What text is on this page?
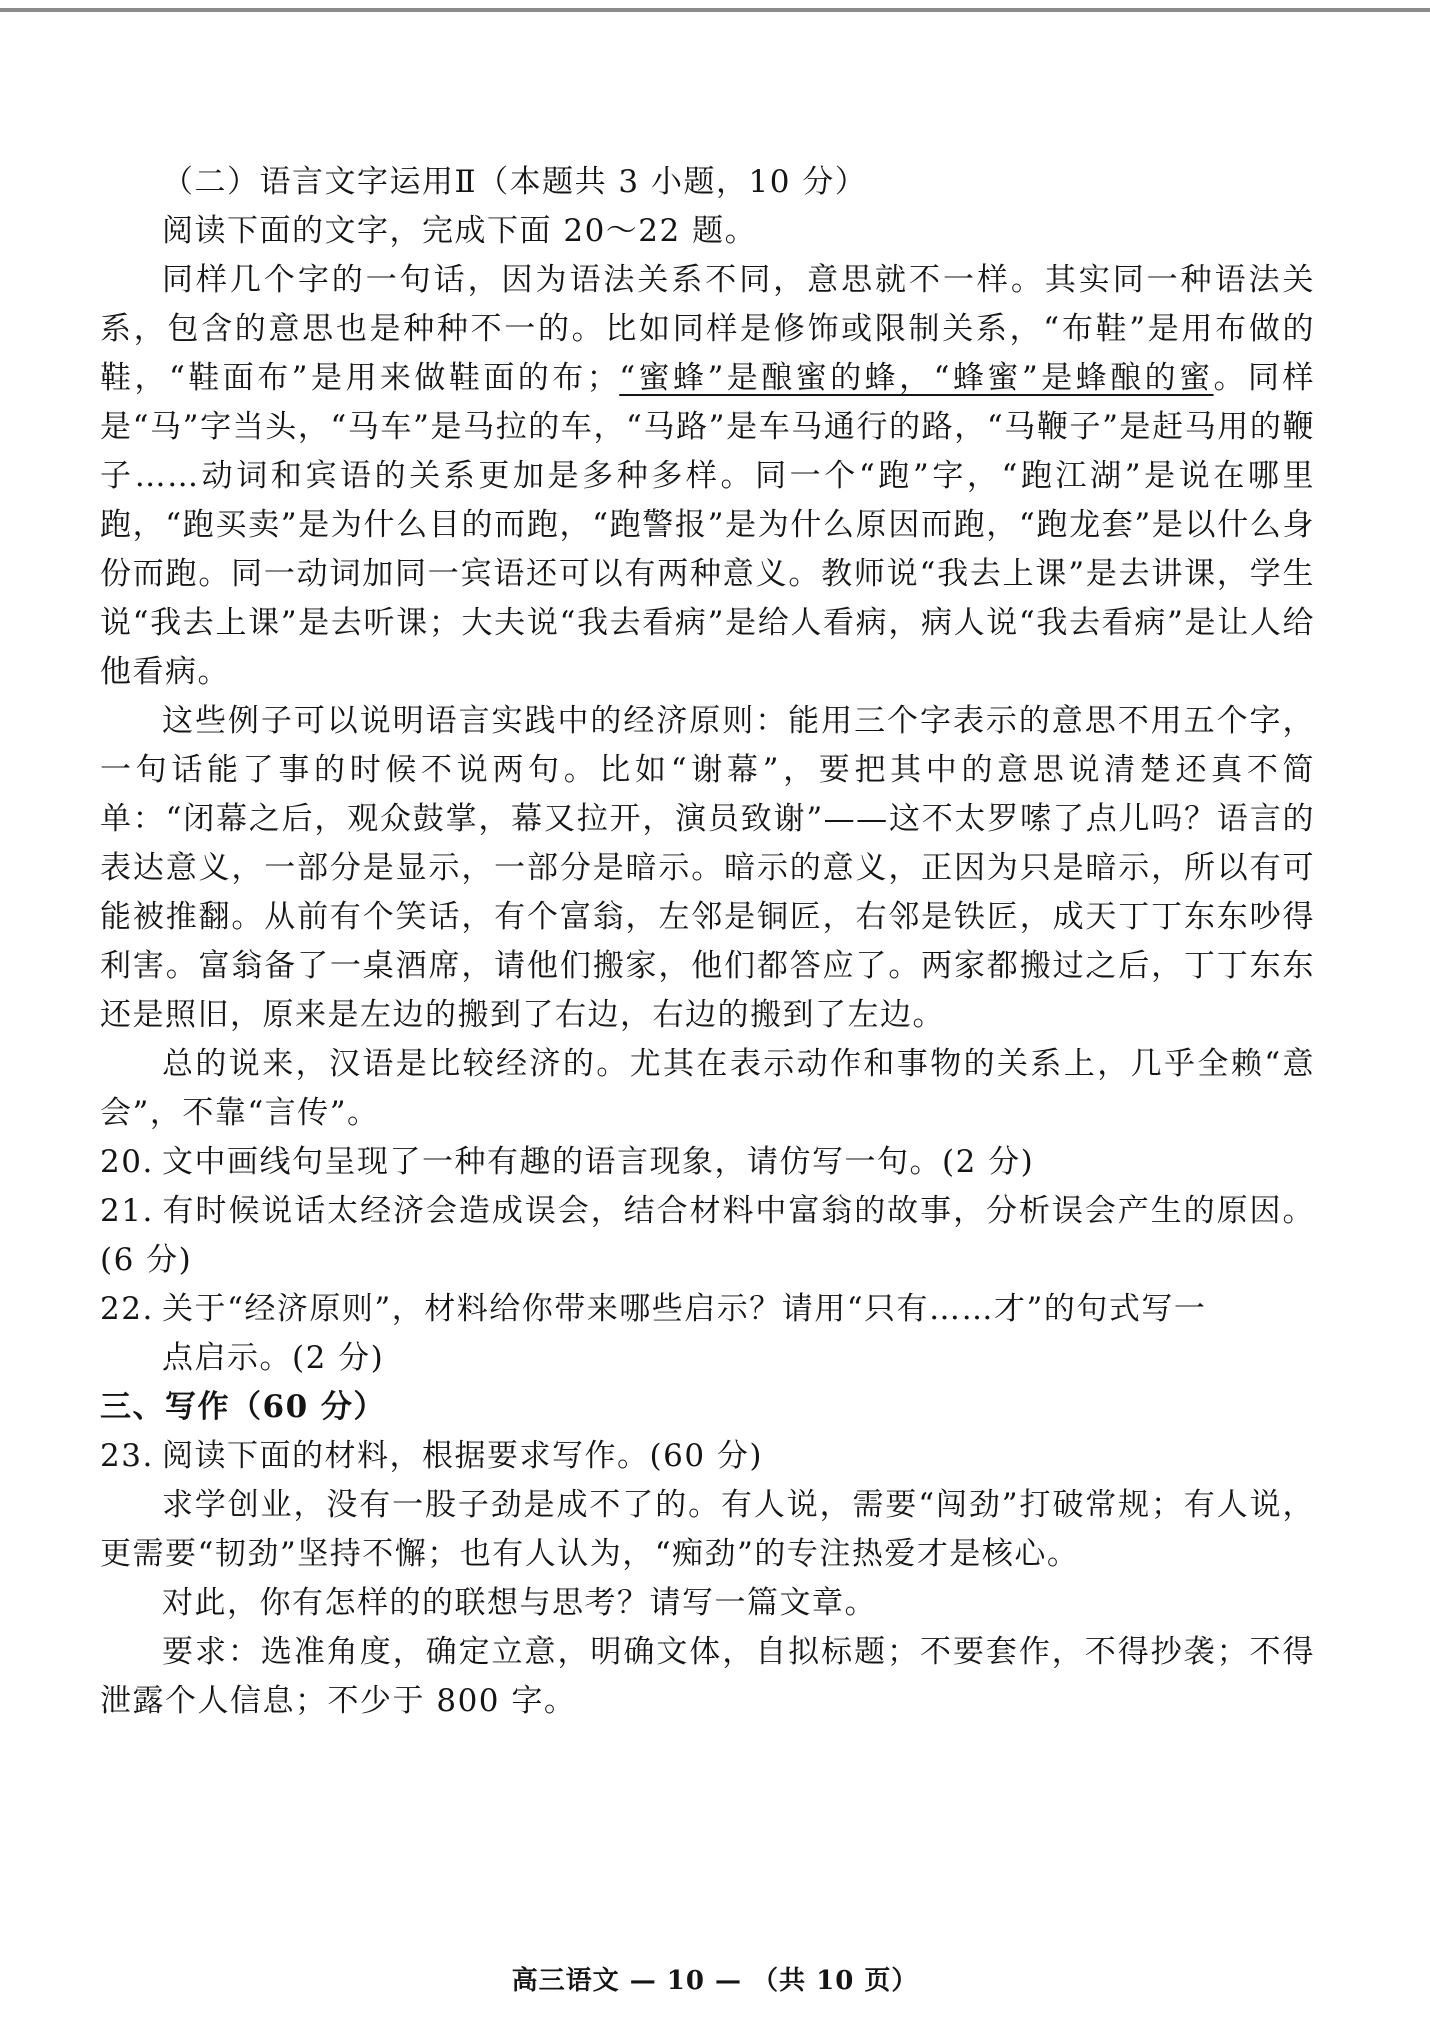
（二）语言文字运用Ⅱ（本题共 3 小题，10 分）

阅读下面的文字，完成下面 20～22 题。

同样几个字的一句话，因为语法关系不同，意思就不一样。其实同一种语法关系，包含的意思也是种种不一的。比如同样是修饰或限制关系，“布鞋”是用布做的鞋，“鞋面布”是用来做鞋面的布；“蜜蜂”是酿蜜的蜂，“蜂蜜”是蜂酿的蜜。同样是“马”字当头，“马车”是马拉的车，“马路”是车马通行的路，“马鞭子”是赶马用的鞭子……动词和宾语的关系更加是多种多样。同一个“跑”字，“跑江湖”是说在哪里跑，“跑买卖”是为什么目的而跑，“跑警报”是为什么原因而跑，“跑龙套”是以什么身份而跑。同一动词加同一宾语还可以有两种意义。教师说“我去上课”是去讲课，学生说“我去上课”是去听课；大夫说“我去看病”是给人看病，病人说“我去看病”是让人给他看病。

这些例子可以说明语言实践中的经济原则：能用三个字表示的意思不用五个字，一句话能了事的时候不说两句。比如“谢幕”，要把其中的意思说清楚还真不简单：“闭幕之后，观众鼓掌，幕又拉开，演员致谢”——这不太罗嗦了点儿吗？语言的表达意义，一部分是显示，一部分是暗示。暗示的意义，正因为只是暗示，所以有可能被推翻。从前有个笑话，有个富翁，左邻是铜匠，右邻是铁匠，成天丁丁东东吵得利害。富翁备了一桌酒席，请他们搬家，他们都答应了。两家都搬过之后，丁丁东东还是照旧，原来是左边的搬到了右边，右边的搬到了左边。

总的说来，汉语是比较经济的。尤其在表示动作和事物的关系上，几乎全赖“意会”，不靠“言传”。

20. 文中画线句呈现了一种有趣的语言现象，请仿写一句。(2 分)

21. 有时候说话太经济会造成误会，结合材料中富翁的故事，分析误会产生的原因。(6 分)

22. 关于“经济原则”，材料给你带来哪些启示？请用“只有……才”的句式写一

点启示。(2 分)

三、写作（60 分）

23. 阅读下面的材料，根据要求写作。(60 分)

求学创业，没有一股子劲是成不了的。有人说，需要“闯劲”打破常规；有人说，更需要“韧劲”坚持不懈；也有人认为，“痴劲”的专注热爱才是核心。

对此，你有怎样的的联想与思考？请写一篇文章。

要求：选准角度，确定立意，明确文体，自拟标题；不要套作，不得抄袭；不得泄露个人信息；不少于 800 字。

高三语文 — 10 — （共 10 页）
